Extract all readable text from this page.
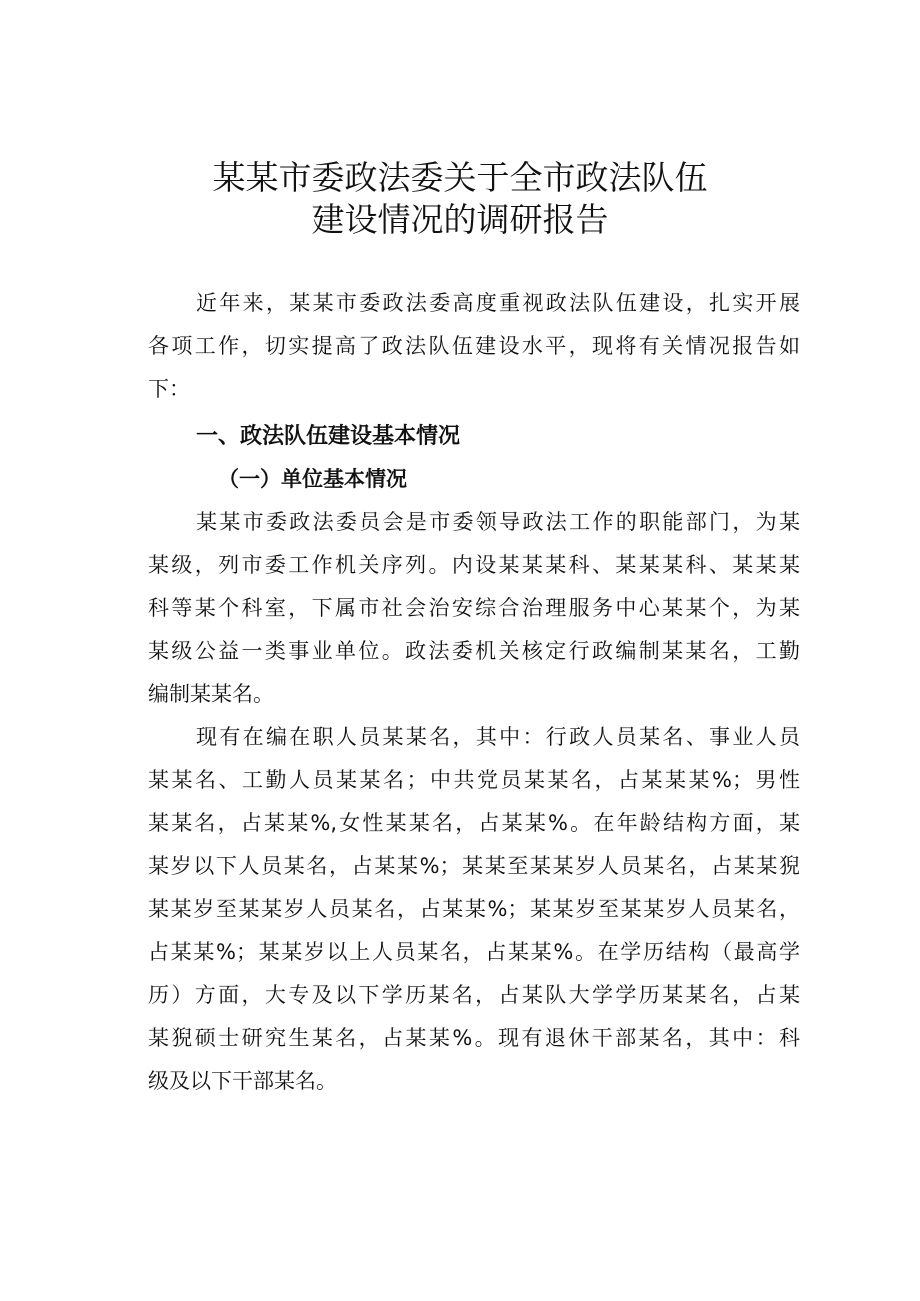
某某市委政法委关于全市政法队伍
建设情况的调研报告
近年来，某某市委政法委高度重视政法队伍建设，扎实开展
各项工作，切实提高了政法队伍建设水平，现将有关情况报告如
下：
一、政法队伍建设基本情况
（一）单位基本情况
某某市委政法委员会是市委领导政法工作的职能部门，为某
某级，列市委工作机关序列。内设某某某科、某某某科、某某某
科等某个科室，下属市社会治安综合治理服务中心某某个，为某
某级公益一类事业单位。政法委机关核定行政编制某某名，工勤
编制某某名。
现有在编在职人员某某名，其中：行政人员某名、事业人员
某某名、工勤人员某某名；中共党员某某名，占某某某%；男性
某某名，占某某%,女性某某名，占某某%。在年龄结构方面，某
某岁以下人员某名，占某某%；某某至某某岁人员某名，占某某猊
某某岁至某某岁人员某名，占某某%；某某岁至某某岁人员某名，
占某某%；某某岁以上人员某名，占某某%。在学历结构（最高学
历）方面，大专及以下学历某名，占某队大学学历某某名，占某
某猊硕士研究生某名，占某某%。现有退休干部某名，其中：科
级及以下干部某名。
